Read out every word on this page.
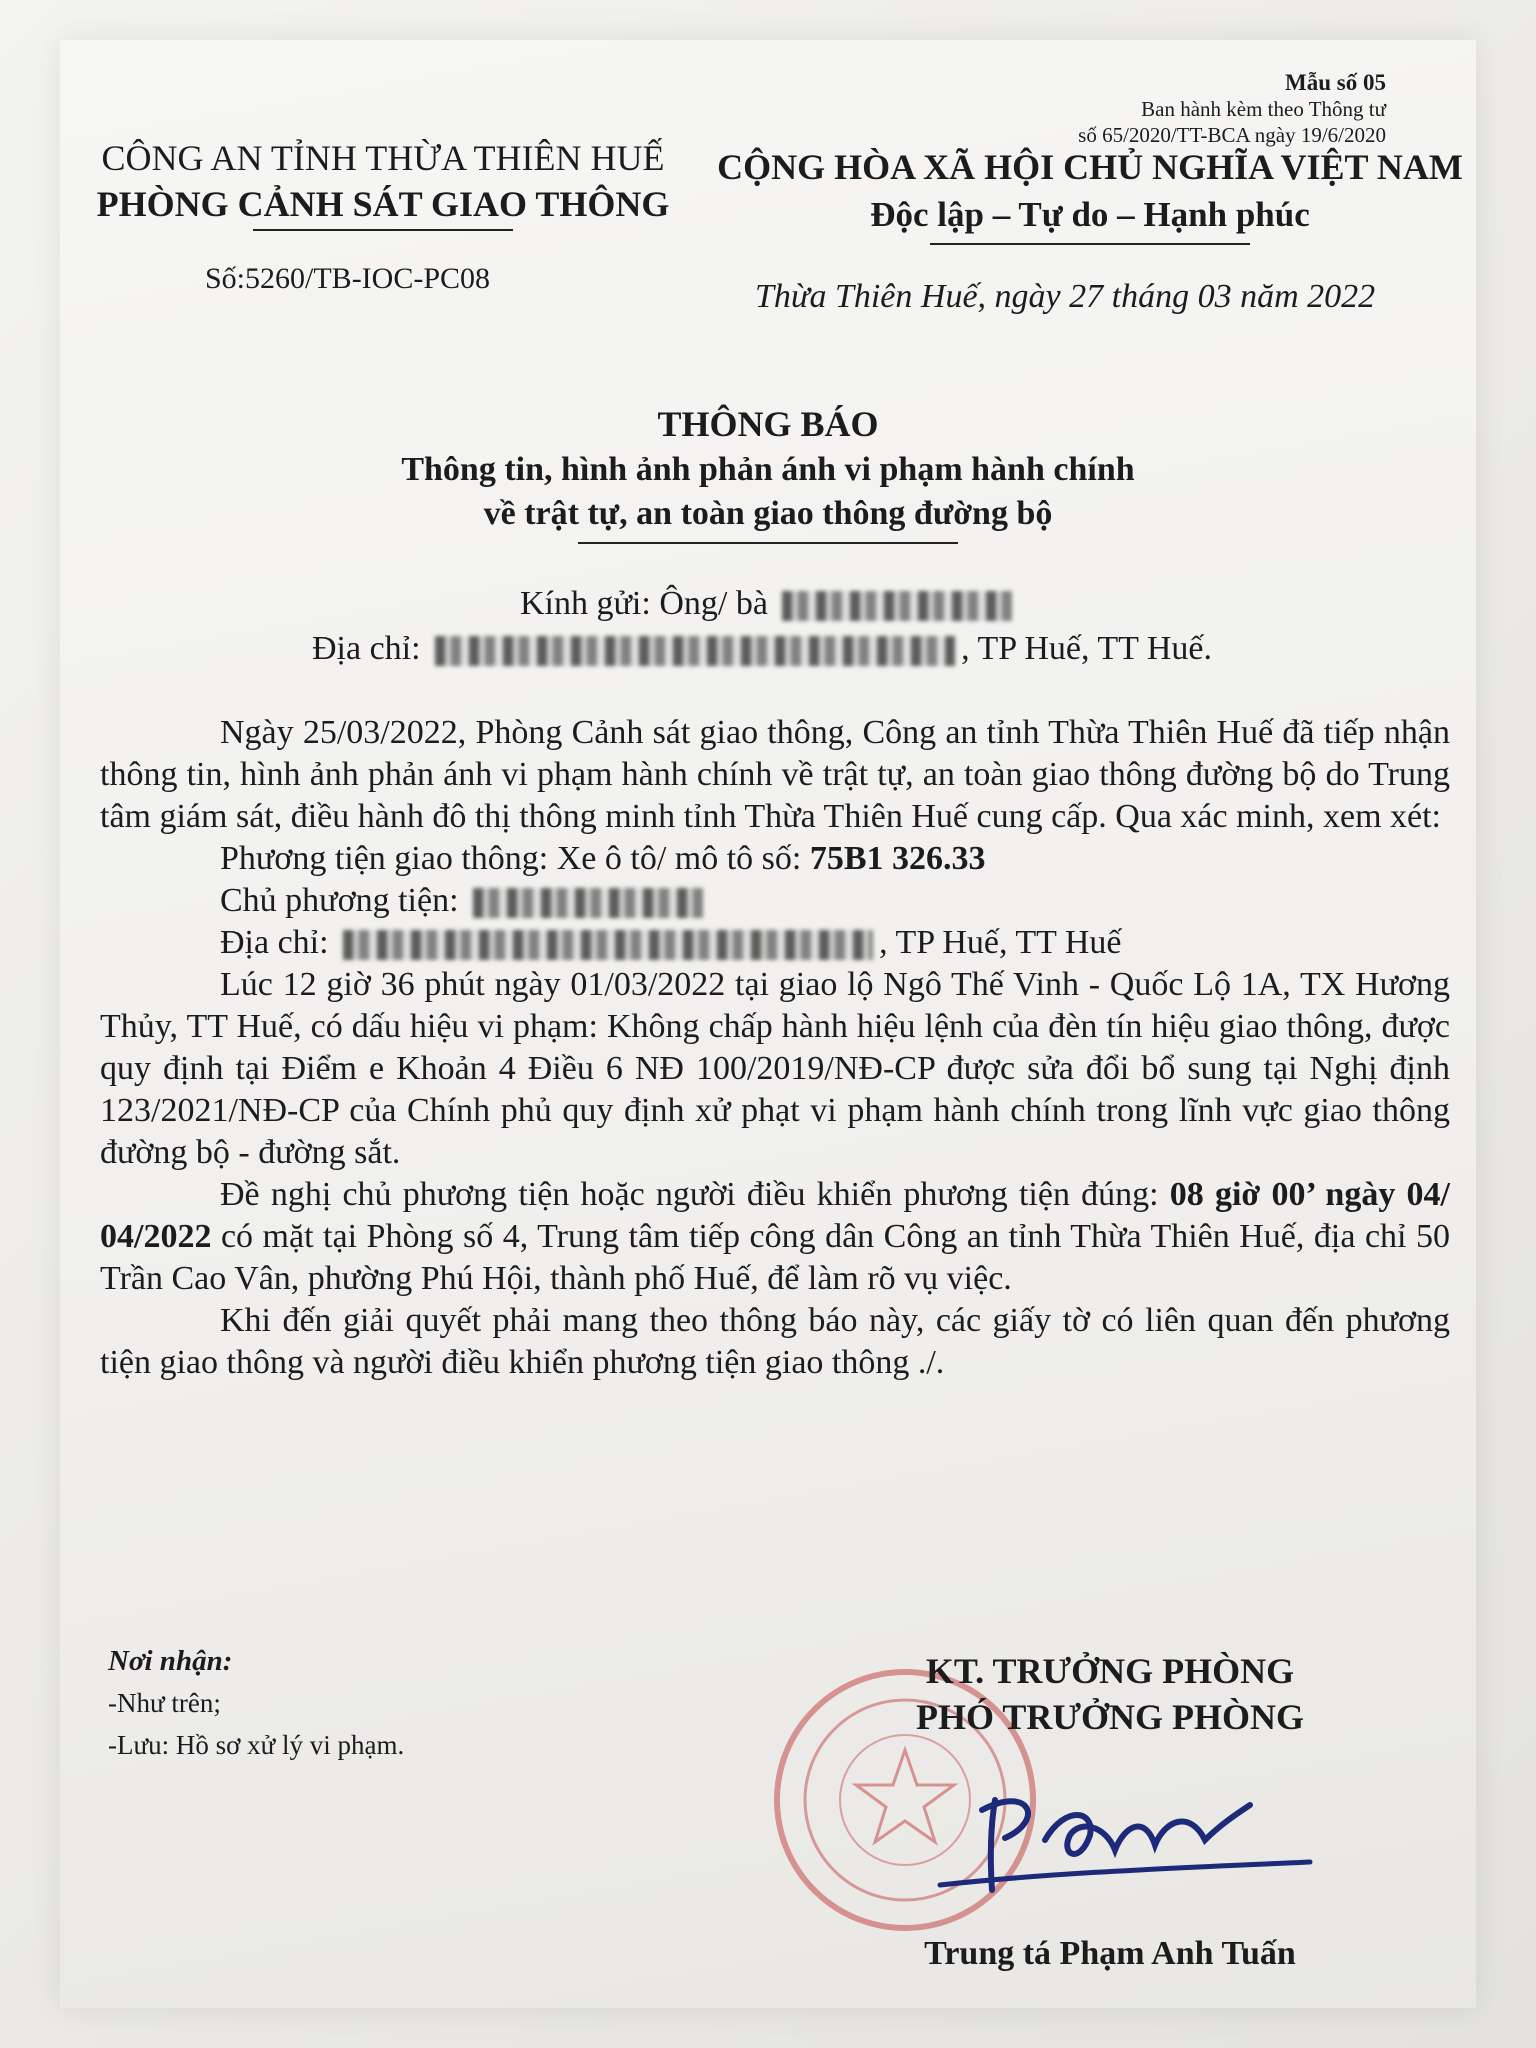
Mẫu số 05
Ban hành kèm theo Thông tư
số 65/2020/TT-BCA ngày 19/6/2020
CÔNG AN TỈNH THỪA THIÊN HUẾ
PHÒNG CẢNH SÁT GIAO THÔNG
Số:5260/TB-IOC-PC08
CỘNG HÒA XÃ HỘI CHỦ NGHĨA VIỆT NAM
Độc lập – Tự do – Hạnh phúc
Thừa Thiên Huế, ngày 27 tháng 03 năm 2022
THÔNG BÁO
Thông tin, hình ảnh phản ánh vi phạm hành chính
về trật tự, an toàn giao thông đường bộ
Kính gửi: Ông/ bà
Địa chỉ:	, TP Huế, TT Huế.

Ngày 25/03/2022, Phòng Cảnh sát giao thông, Công an tỉnh Thừa Thiên Huế đã tiếp nhận thông tin, hình ảnh phản ánh vi phạm hành chính về trật tự, an toàn giao thông đường bộ do Trung tâm giám sát, điều hành đô thị thông minh tỉnh Thừa Thiên Huế cung cấp. Qua xác minh, xem xét:

Phương tiện giao thông: Xe ô tô/ mô tô số: 75B1 326.33

Chủ phương tiện:

Địa chỉ:	, TP Huế, TT Huế

Lúc 12 giờ 36 phút ngày 01/03/2022 tại giao lộ Ngô Thế Vinh - Quốc Lộ 1A, TX Hương Thủy, TT Huế, có dấu hiệu vi phạm: Không chấp hành hiệu lệnh của đèn tín hiệu giao thông, được quy định tại Điểm e Khoản 4 Điều 6 NĐ 100/2019/NĐ-CP được sửa đổi bổ sung tại Nghị định 123/2021/NĐ-CP của Chính phủ quy định xử phạt vi phạm hành chính trong lĩnh vực giao thông đường bộ - đường sắt.

Đề nghị chủ phương tiện hoặc người điều khiển phương tiện đúng: 08 giờ 00’ ngày 04/ 04/2022 có mặt tại Phòng số 4, Trung tâm tiếp công dân Công an tỉnh Thừa Thiên Huế, địa chỉ 50 Trần Cao Vân, phường Phú Hội, thành phố Huế, để làm rõ vụ việc.

Khi đến giải quyết phải mang theo thông báo này, các giấy tờ có liên quan đến phương tiện giao thông và người điều khiển phương tiện giao thông ./.

Nơi nhận:
-Như trên;
-Lưu: Hồ sơ xử lý vi phạm.
KT. TRƯỞNG PHÒNG
PHÓ TRƯỞNG PHÒNG
Trung tá Phạm Anh Tuấn
